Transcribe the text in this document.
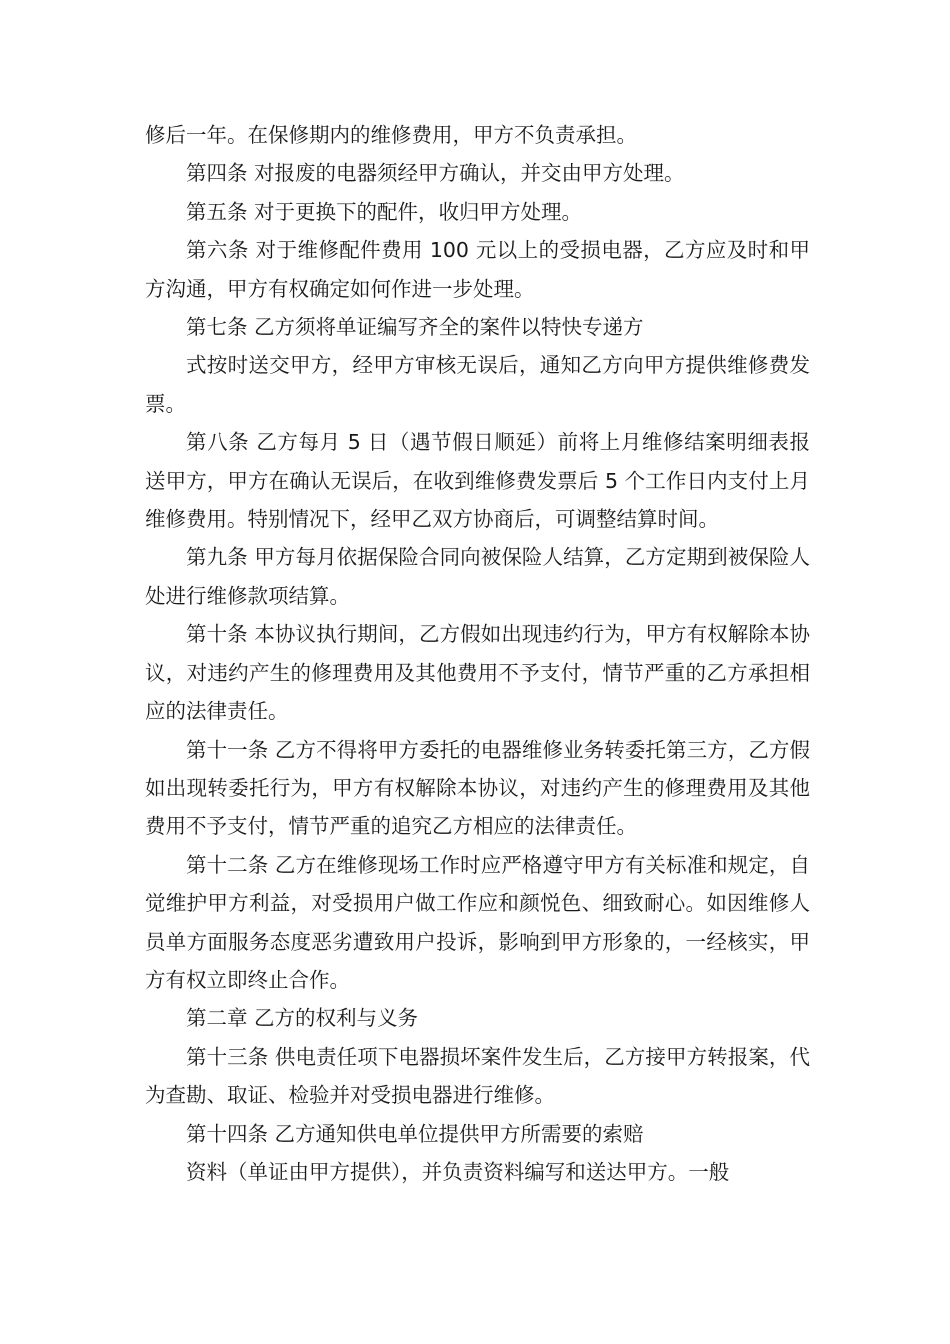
修后一年。在保修期内的维修费用，甲方不负责承担。

第四条 对报废的电器须经甲方确认，并交由甲方处理。

第五条 对于更换下的配件，收归甲方处理。

第六条 对于维修配件费用 100 元以上的受损电器，乙方应及时和甲方沟通，甲方有权确定如何作进一步处理。

第七条 乙方须将单证编写齐全的案件以特快专递方

式按时送交甲方，经甲方审核无误后，通知乙方向甲方提供维修费发票。

第八条 乙方每月 5 日（遇节假日顺延）前将上月维修结案明细表报送甲方，甲方在确认无误后，在收到维修费发票后 5 个工作日内支付上月维修费用。特别情况下，经甲乙双方协商后，可调整结算时间。

第九条 甲方每月依据保险合同向被保险人结算，乙方定期到被保险人处进行维修款项结算。

第十条 本协议执行期间，乙方假如出现违约行为，甲方有权解除本协议，对违约产生的修理费用及其他费用不予支付，情节严重的乙方承担相应的法律责任。

第十一条 乙方不得将甲方委托的电器维修业务转委托第三方，乙方假如出现转委托行为，甲方有权解除本协议，对违约产生的修理费用及其他费用不予支付，情节严重的追究乙方相应的法律责任。

第十二条 乙方在维修现场工作时应严格遵守甲方有关标准和规定，自觉维护甲方利益，对受损用户做工作应和颜悦色、细致耐心。如因维修人员单方面服务态度恶劣遭致用户投诉，影响到甲方形象的，一经核实，甲方有权立即终止合作。

第二章 乙方的权利与义务

第十三条 供电责任项下电器损坏案件发生后，乙方接甲方转报案，代为查勘、取证、检验并对受损电器进行维修。

第十四条 乙方通知供电单位提供甲方所需要的索赔

资料（单证由甲方提供），并负责资料编写和送达甲方。一般
